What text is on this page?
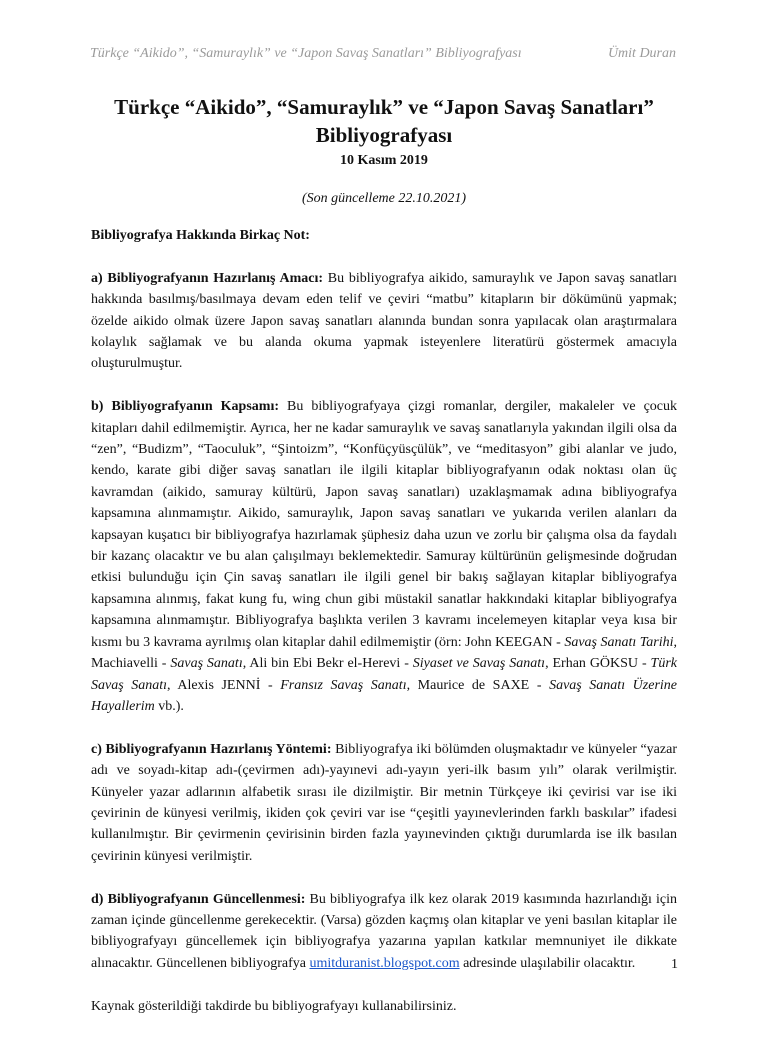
Türkçe “Aikido”, “Samuraylık” ve “Japon Savaş Sanatları” Bibliyografyası	Ümit Duran
Türkçe “Aikido”, “Samuraylık” ve “Japon Savaş Sanatları”
Bibliyografyası
10 Kasım 2019
(Son güncelleme 22.10.2021)

Bibliyografya Hakkında Birkaç Not:

a) Bibliyografyanın Hazırlanış Amacı: Bu bibliyografya aikido, samuraylık ve Japon savaş sanatları hakkında basılmış/basılmaya devam eden telif ve çeviri “matbu” kitapların bir dökümünü yapmak; özelde aikido olmak üzere Japon savaş sanatları alanında bundan sonra yapılacak olan araştırmalara kolaylık sağlamak ve bu alanda okuma yapmak isteyenlere literatürü göstermek amacıyla oluşturulmuştur.

b) Bibliyografyanın Kapsamı: Bu bibliyografyaya çizgi romanlar, dergiler, makaleler ve çocuk kitapları dahil edilmemiştir. Ayrıca, her ne kadar samuraylık ve savaş sanatlarıyla yakından ilgili olsa da “zen”, “Budizm”, “Taoculuk”, “Şintoizm”, “Konfüçyüsçülük”, ve “meditasyon” gibi alanlar ve judo, kendo, karate gibi diğer savaş sanatları ile ilgili kitaplar bibliyografyanın odak noktası olan üç kavramdan (aikido, samuray kültürü, Japon savaş sanatları) uzaklaşmamak adına bibliyografya kapsamına alınmamıştır. Aikido, samuraylık, Japon savaş sanatları ve yukarıda verilen alanları da kapsayan kuşatıcı bir bibliyografya hazırlamak şüphesiz daha uzun ve zorlu bir çalışma olsa da faydalı bir kazanç olacaktır ve bu alan çalışılmayı beklemektedir. Samuray kültürünün gelişmesinde doğrudan etkisi bulunduğu için Çin savaş sanatları ile ilgili genel bir bakış sağlayan kitaplar bibliyografya kapsamına alınmış, fakat kung fu, wing chun gibi müstakil sanatlar hakkındaki kitaplar bibliyografya kapsamına alınmamıştır. Bibliyografya başlıkta verilen 3 kavramı incelemeyen kitaplar veya kısa bir kısmı bu 3 kavrama ayrılmış olan kitaplar dahil edilmemiştir (örn: John KEEGAN - Savaş Sanatı Tarihi, Machiavelli - Savaş Sanatı, Ali bin Ebi Bekr el-Herevi - Siyaset ve Savaş Sanatı, Erhan GÖKSU - Türk Savaş Sanatı, Alexis JENNİ - Fransız Savaş Sanatı, Maurice de SAXE - Savaş Sanatı Üzerine Hayallerim vb.).

c) Bibliyografyanın Hazırlanış Yöntemi: Bibliyografya iki bölümden oluşmaktadır ve künyeler “yazar adı ve soyadı-kitap adı-(çevirmen adı)-yayınevi adı-yayın yeri-ilk basım yılı” olarak verilmiştir. Künyeler yazar adlarının alfabetik sırası ile dizilmiştir. Bir metnin Türkçeye iki çevirisi var ise iki çevirinin de künyesi verilmiş, ikiden çok çeviri var ise “çeşitli yayınevlerinden farklı baskılar” ifadesi kullanılmıştır. Bir çevirmenin çevirisinin birden fazla yayınevinden çıktığı durumlarda ise ilk basılan çevirinin künyesi verilmiştir.

d) Bibliyografyanın Güncellenmesi: Bu bibliyografya ilk kez olarak 2019 kasımında hazırlandığı için zaman içinde güncellenme gerekecektir. (Varsa) gözden kaçmış olan kitaplar ve yeni basılan kitaplar ile bibliyografyayı güncellemek için bibliyografya yazarına yapılan katkılar memnuniyet ile dikkate alınacaktır. Güncellenen bibliyografya umitduranist.blogspot.com adresinde ulaşılabilir olacaktır.

Kaynak gösterildiği takdirde bu bibliyografyayı kullanabilirsiniz.

1
